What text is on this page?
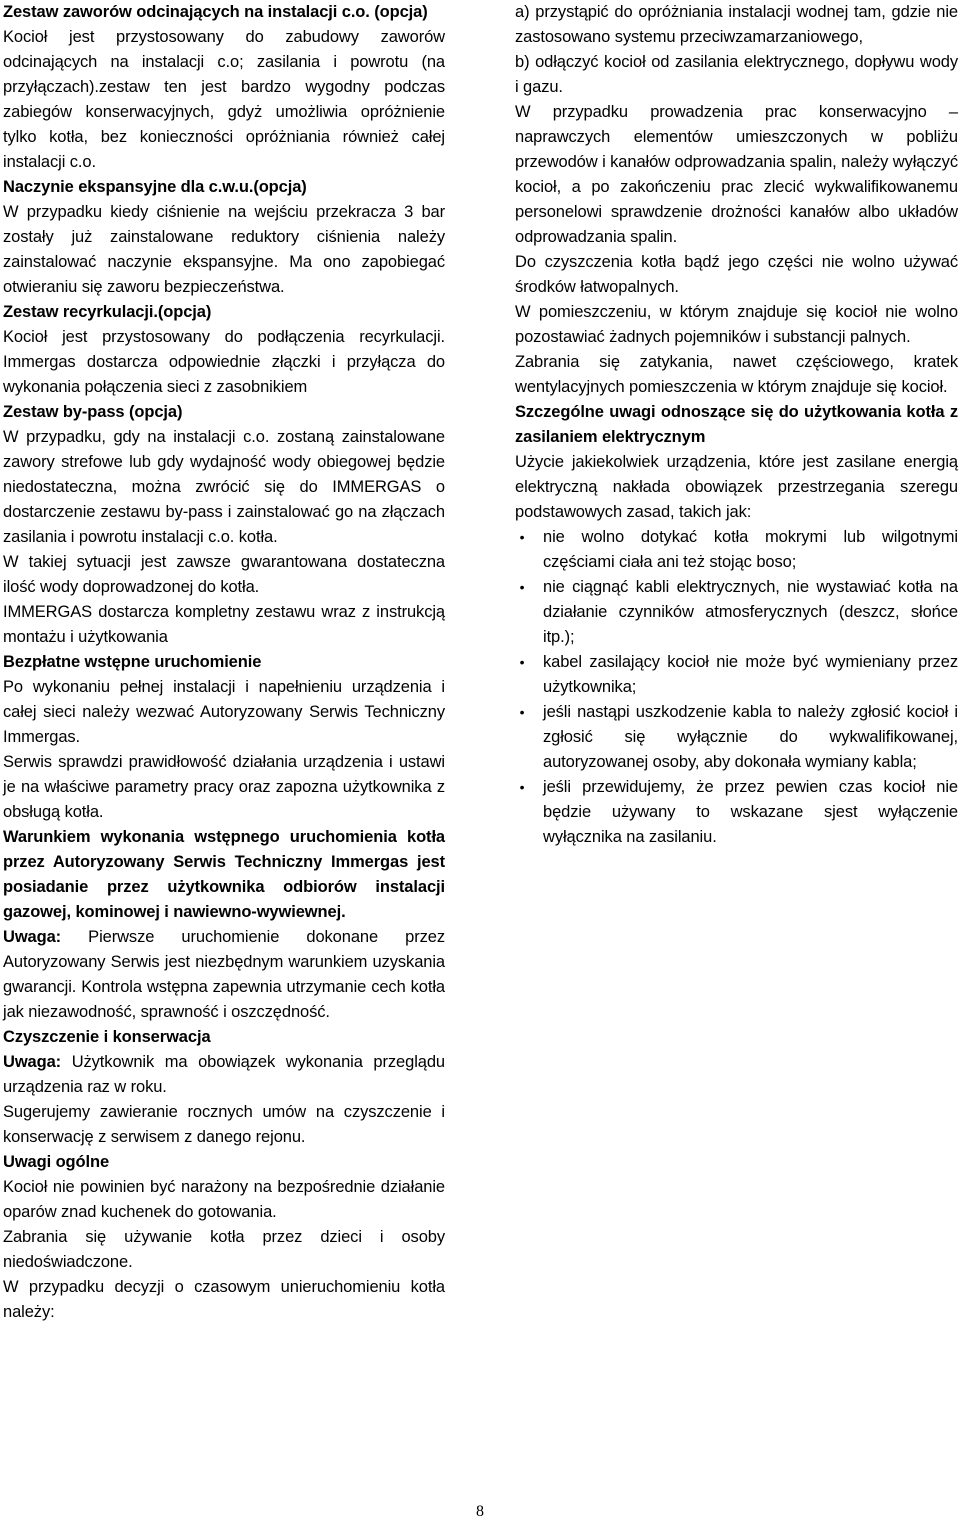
Zestaw zaworów odcinających na instalacji c.o. (opcja)

Kocioł jest przystosowany do zabudowy zaworów odcinających na instalacji c.o; zasilania i powrotu (na przyłączach).zestaw ten jest bardzo wygodny podczas zabiegów konserwacyjnych, gdyż umożliwia opróżnienie tylko kotła, bez konieczności opróżniania również całej instalacji c.o.

Naczynie ekspansyjne dla c.w.u.(opcja)

W przypadku kiedy ciśnienie na wejściu przekracza 3 bar zostały już zainstalowane reduktory ciśnienia należy zainstalować naczynie ekspansyjne. Ma ono zapobiegać otwieraniu się zaworu bezpieczeństwa.

Zestaw recyrkulacji.(opcja)

Kocioł jest przystosowany do podłączenia recyrkulacji. Immergas dostarcza odpowiednie złączki i przyłącza do wykonania połączenia sieci z zasobnikiem

Zestaw by-pass (opcja)

W przypadku, gdy na instalacji c.o. zostaną zainstalowane zawory strefowe lub gdy wydajność wody obiegowej będzie niedostateczna, można zwrócić się do IMMERGAS o dostarczenie zestawu by-pass i zainstalować go na złączach zasilania i powrotu instalacji c.o. kotła.

W takiej sytuacji jest zawsze gwarantowana dostateczna ilość wody doprowadzonej do kotła.

IMMERGAS dostarcza kompletny zestawu wraz z instrukcją montażu i użytkowania

Bezpłatne wstępne uruchomienie

Po wykonaniu pełnej instalacji i napełnieniu urządzenia i całej sieci należy wezwać Autoryzowany Serwis Techniczny Immergas.

Serwis sprawdzi prawidłowość działania urządzenia i ustawi je na właściwe parametry pracy oraz zapozna użytkownika z obsługą kotła.

Warunkiem wykonania wstępnego uruchomienia kotła przez Autoryzowany Serwis Techniczny Immergas jest posiadanie przez użytkownika odbiorów instalacji gazowej, kominowej i nawiewno-wywiewnej.

Uwaga: Pierwsze uruchomienie dokonane przez Autoryzowany Serwis jest niezbędnym warunkiem uzyskania gwarancji. Kontrola wstępna zapewnia utrzymanie cech kotła jak niezawodność, sprawność i oszczędność.

Czyszczenie i konserwacja

Uwaga: Użytkownik ma obowiązek wykonania przeglądu urządzenia raz w roku.

Sugerujemy zawieranie rocznych umów na czyszczenie i konserwację z serwisem z danego rejonu.

Uwagi ogólne

Kocioł nie powinien być narażony na bezpośrednie działanie oparów znad kuchenek do gotowania.

Zabrania się używanie kotła przez dzieci i osoby niedoświadczone.

W przypadku decyzji o czasowym unieruchomieniu kotła należy:

a) przystąpić do opróżniania instalacji wodnej tam, gdzie nie zastosowano systemu przeciwzamarzaniowego,

b) odłączyć kocioł od zasilania elektrycznego, dopływu wody i gazu.

W przypadku prowadzenia prac konserwacyjno – naprawczych elementów umieszczonych w pobliżu przewodów i kanałów odprowadzania spalin, należy wyłączyć kocioł, a po zakończeniu prac zlecić wykwalifikowanemu personelowi sprawdzenie drożności kanałów albo układów odprowadzania spalin.

Do czyszczenia kotła bądź jego części nie wolno używać środków łatwopalnych.

W pomieszczeniu, w którym znajduje się kocioł nie wolno pozostawiać żadnych pojemników i substancji palnych.

Zabrania się zatykania, nawet częściowego, kratek wentylacyjnych pomieszczenia w którym znajduje się kocioł.

Szczególne uwagi odnoszące się do użytkowania kotła z zasilaniem elektrycznym

Użycie jakiekolwiek urządzenia, które jest zasilane energią elektryczną nakłada obowiązek przestrzegania szeregu podstawowych zasad, takich jak:

• nie wolno dotykać kotła mokrymi lub wilgotnymi częściami ciała ani też stojąc boso;
• nie ciągnąć kabli elektrycznych, nie wystawiać kotła na działanie czynników atmosferycznych (deszcz, słońce itp.);
• kabel zasilający kocioł nie może być wymieniany przez użytkownika;
• jeśli nastąpi uszkodzenie kabla to należy zgłosić kocioł i zgłosić się wyłącznie do wykwalifikowanej, autoryzowanej osoby, aby dokonała wymiany kabla;
• jeśli przewidujemy, że przez pewien czas kocioł nie będzie używany to wskazane sjest wyłączenie wyłącznika na zasilaniu.
8
